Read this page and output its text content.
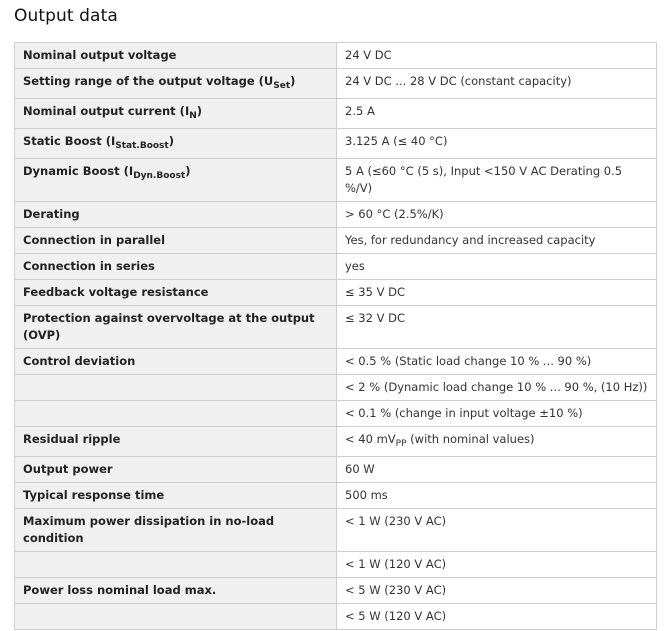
Output data
Nominal output voltage	24 V DC
Setting range of the output voltage $(U_{Set})$	24 V DC ... 28 V DC (constant capacity)
Nominal output current $(I_N)$	2.5 A
Static Boost $(I_{Stat.Boost})$	3.125 A (≤ 40 °C)
Dynamic Boost $(I_{Dyn.Boost})$	5 A (≤60 °C (5 s), Input <150 V AC Derating 0.5 %/V)
Derating	> 60 °C (2.5%/K)
Connection in parallel	Yes, for redundancy and increased capacity
Connection in series	yes
Feedback voltage resistance	≤ 35 V DC
Protection against overvoltage at the output (OVP)	≤ 32 V DC
Control deviation	< 0.5 % (Static load change 10 % ... 90 %)
	< 2 % (Dynamic load change 10 % ... 90 %, (10 Hz))
	< 0.1 % (change in input voltage ±10 %)
Residual ripple	< 40 $mV_{PP}$ (with nominal values)
Output power	60 W
Typical response time	500 ms
Maximum power dissipation in no-load condition	< 1 W (230 V AC)
	< 1 W (120 V AC)
Power loss nominal load max.	< 5 W (230 V AC)
	< 5 W (120 V AC)
